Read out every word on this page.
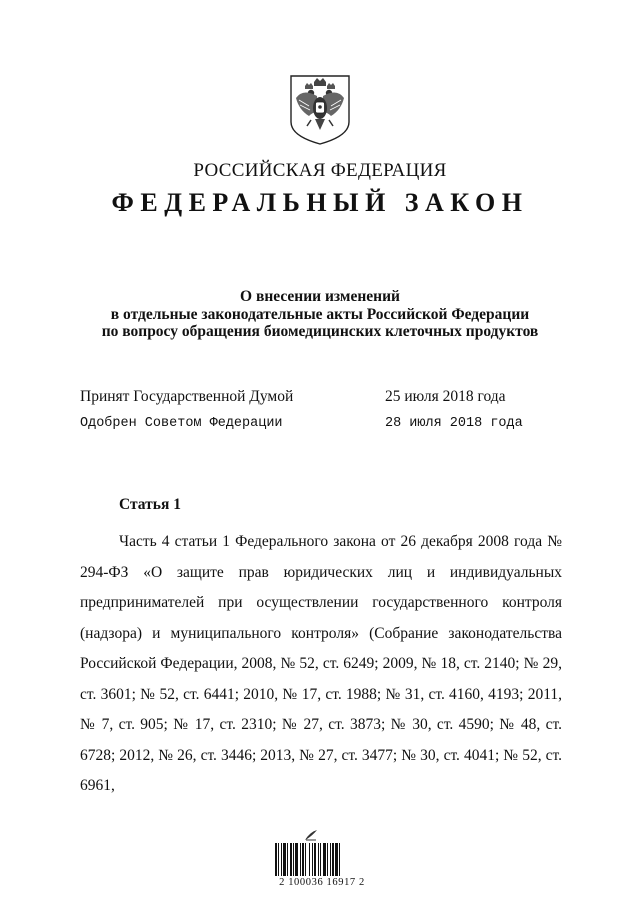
РОССИЙСКАЯ ФЕДЕРАЦИЯ
ФЕДЕРАЛЬНЫЙ ЗАКОН
О внесении изменений
в отдельные законодательные акты Российской Федерации
по вопросу обращения биомедицинских клеточных продуктов
Принят Государственной Думой	25 июля 2018 года
Одобрен Советом Федерации	28 июля 2018 года
Статья 1

Часть 4 статьи 1 Федерального закона от 26 декабря 2008 года № 294-ФЗ «О защите прав юридических лиц и индивидуальных предпринимателей при осуществлении государственного контроля (надзора) и муниципального контроля» (Собрание законодательства Российской Федерации, 2008, № 52, ст. 6249; 2009, № 18, ст. 2140; № 29, ст. 3601; № 52, ст. 6441; 2010, № 17, ст. 1988; № 31, ст. 4160, 4193; 2011, № 7, ст. 905; № 17, ст. 2310; № 27, ст. 3873; № 30, ст. 4590; № 48, ст. 6728; 2012, № 26, ст. 3446; 2013, № 27, ст. 3477; № 30, ст. 4041; № 52, ст. 6961,

2 100036 16917 2
